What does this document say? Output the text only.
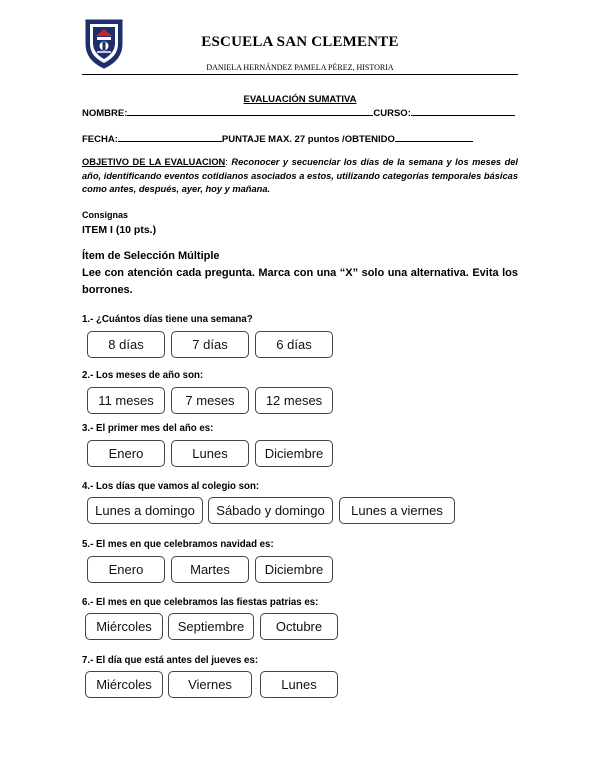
ESCUELA SAN CLEMENTE
DANIELA HERNÁNDEZ PAMELA PÉREZ, HISTORIA
EVALUACIÓN SUMATIVA
NOMBRE:	CURSO:
FECHA:	PUNTAJE MAX. 27 puntos /OBTENIDO
OBJETIVO DE LA EVALUACION: Reconocer y secuenciar los días de la semana y los meses del año, identificando eventos cotidianos asociados a estos, utilizando categorías temporales básicas como antes, después, ayer, hoy y mañana.
Consignas
ITEM I (10 pts.)
Ítem de Selección Múltiple
Lee con atención cada pregunta. Marca con una “X” solo una alternativa. Evita los borrones.
1.- ¿Cuántos días tiene una semana?
8 días	7 días	6 días
2.- Los meses de año son:
11 meses	7 meses	12 meses
3.- El primer mes del año es:
Enero	Lunes	Diciembre
4.- Los días que vamos al colegio son:
Lunes a domingo	Sábado y domingo	Lunes a viernes
5.- El mes en que celebramos navidad es:
Enero	Martes	Diciembre
6.- El mes en que celebramos las fiestas patrias es:
Miércoles	Septiembre	Octubre
7.- El día que está antes del jueves es:
Miércoles	Viernes	Lunes
